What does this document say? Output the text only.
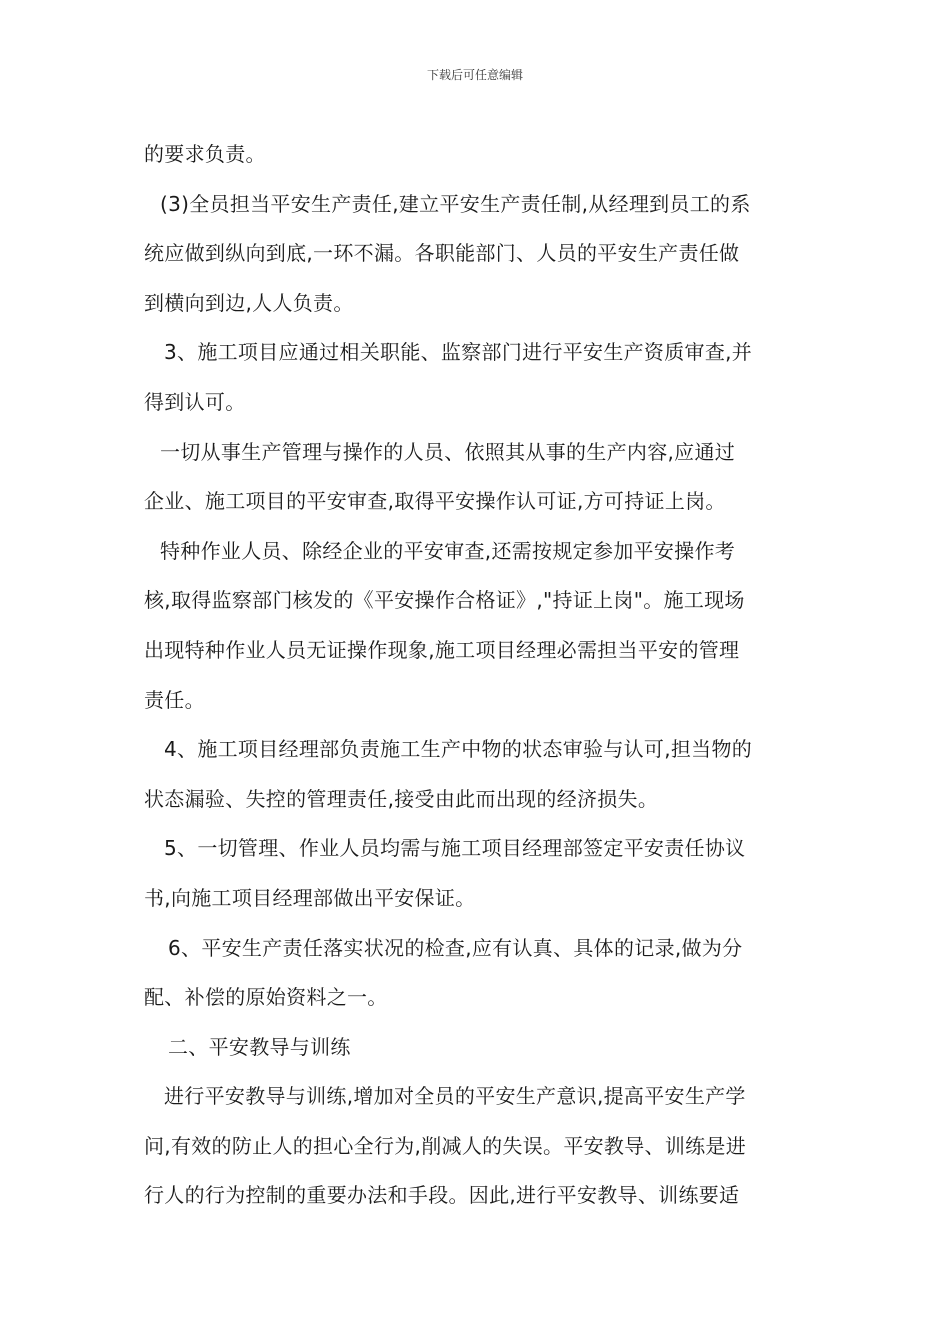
下载后可任意编辑
的要求负责。
(3)全员担当平安生产责任,建立平安生产责任制,从经理到员工的系
统应做到纵向到底,一环不漏。各职能部门、人员的平安生产责任做
到横向到边,人人负责。
3、施工项目应通过相关职能、监察部门进行平安生产资质审查,并
得到认可。
一切从事生产管理与操作的人员、依照其从事的生产内容,应通过
企业、施工项目的平安审查,取得平安操作认可证,方可持证上岗。
特种作业人员、除经企业的平安审查,还需按规定参加平安操作考
核,取得监察部门核发的《平安操作合格证》,"持证上岗"。施工现场
出现特种作业人员无证操作现象,施工项目经理必需担当平安的管理
责任。
4、施工项目经理部负责施工生产中物的状态审验与认可,担当物的
状态漏验、失控的管理责任,接受由此而出现的经济损失。
5、一切管理、作业人员均需与施工项目经理部签定平安责任协议
书,向施工项目经理部做出平安保证。
6、平安生产责任落实状况的检查,应有认真、具体的记录,做为分
配、补偿的原始资料之一。
二、平安教导与训练
进行平安教导与训练,增加对全员的平安生产意识,提高平安生产学
问,有效的防止人的担心全行为,削减人的失误。平安教导、训练是进
行人的行为控制的重要办法和手段。因此,进行平安教导、训练要适
